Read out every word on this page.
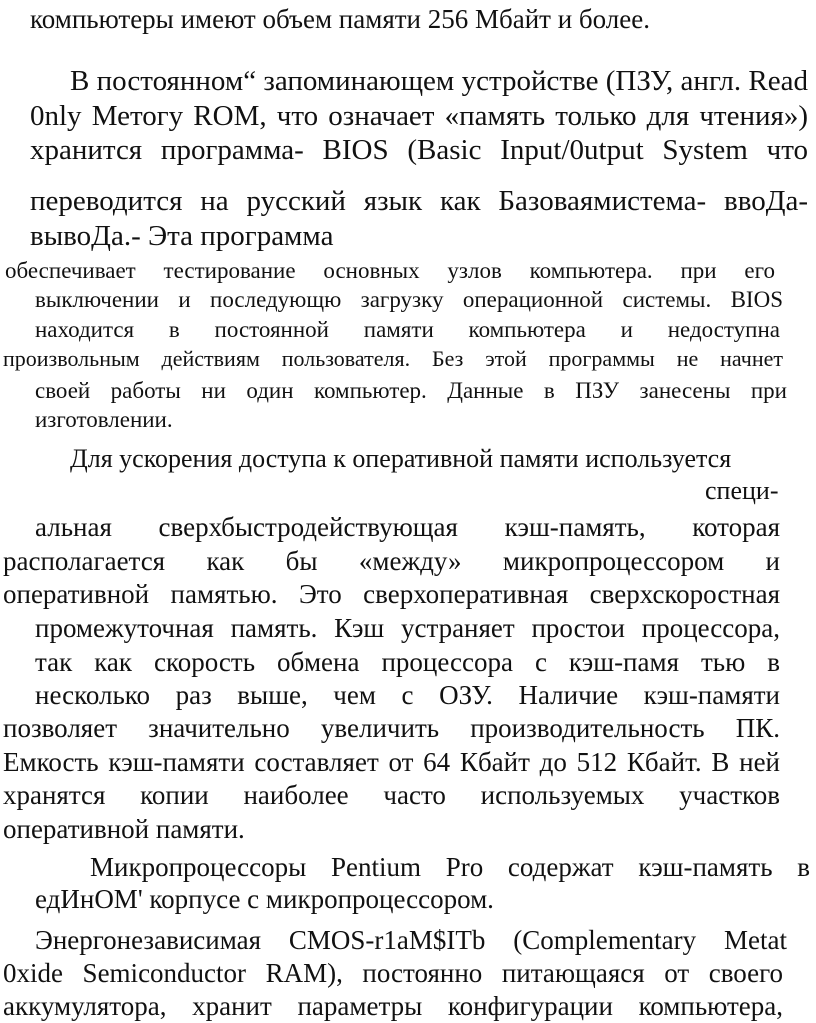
компьютеры имеют объем памяти 256 Мбайт и более.

В постоянном“ запоминающем устройстве (ПЗУ, англ. Read

0nly Метогу ROM, что означает «память только для чтения»)

хранится программа- BIOS (Basic Input/0utput System что

переводится на русский язык как Базоваямистема- ввоДа-

вывоДа.- Эта программа

обеспечивает тестирование основных узлов компьютера. при его

выключении и последующю загрузку операционной системы. BIOS

находится в постоянной памяти компьютера и недоступна

произвольным действиям пользователя. Без этой программы не начнет

своей работы ни один компьютер. Данные в ПЗУ занесены при

изготовлении.

Для ускорения доступа к оперативной памяти используется

специ-

альная сверхбыстродействующая кэш-память, которая

располагается как бы «между» микропроцессором и

оперативной памятью. Это сверхоперативная сверхскоростная

промежуточная память. Кэш устраняет простои процессора,

так как скорость обмена процессора с кэш-памя тью в

несколько раз выше, чем с ОЗУ. Наличие кэш-памяти

позволяет значительно увеличить производительность ПК.

Емкость кэш-памяти составляет от 64 Кбайт до 512 Кбайт. В ней

хранятся копии наиболее часто используемых участков

оперативной памяти.

Микропроцессоры Pentium Pro содержат кэш-память в

едИнОМ' корпусе с микропроцессором.

Энергонезависимая CMOS-r1aM$ITb (Complementary Metat

0xide Semiconductor RAM), постоянно питающаяся от своего

аккумулятора, хранит параметры конфигурации компьютера,
